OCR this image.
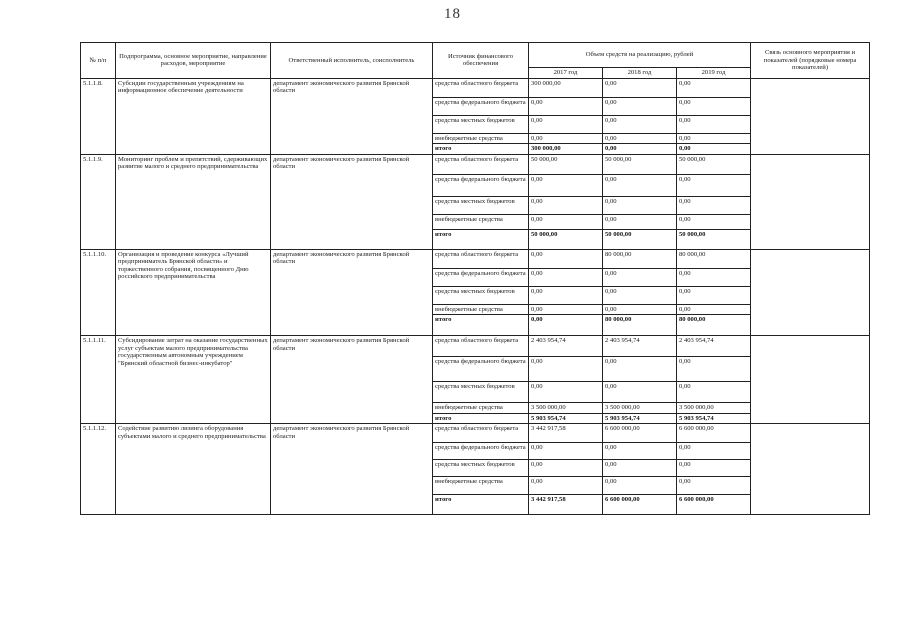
18
№ п/п	Подпрограмма, основное мероприятие, направление расходов, мероприятие	Ответственный исполнитель, соисполнитель	Источник финансового обеспечения	Объем средств на реализацию, рублей			Связь основного мероприятия и показателей (порядковые номера показателей)
				2017 год	2018 год	2019 год	
5.1.1.8.	Субсидии государственным учреждениям на информационное обеспечение деятельности	департамент экономического развития Брянской области	средства областного бюджета	300 000,00	0,00	0,00	
			средства федерального бюджета	0,00	0,00	0,00	
			средства местных бюджетов	0,00	0,00	0,00	
			внебюджетные средства	0,00	0,00	0,00	
			итого	300 000,00	0,00	0,00	
5.1.1.9.	Мониторинг проблем и препятствий, сдерживающих развитие малого и среднего предпринимательства	департамент экономического развития Брянской области	средства областного бюджета	50 000,00	50 000,00	50 000,00	
			средства федерального бюджета	0,00	0,00	0,00	
			средства местных бюджетов	0,00	0,00	0,00	
			внебюджетные средства	0,00	0,00	0,00	
			итого	50 000,00	50 000,00	50 000,00	
5.1.1.10.	Организация и проведение конкурса «Лучший предприниматель Брянской области» и торжественного собрания, посвященного Дню российского предпринимательства	департамент экономического развития Брянской области	средства областного бюджета	0,00	80 000,00	80 000,00	
			средства федерального бюджета	0,00	0,00	0,00	
			средства местных бюджетов	0,00	0,00	0,00	
			внебюджетные средства	0,00	0,00	0,00	
			итого	0,00	80 000,00	80 000,00	
5.1.1.11.	Субсидирование затрат на оказание государственных услуг субъектам малого предпринимательства государственным автономным учреждением "Брянский областной бизнес-инкубатор"	департамент экономического развития Брянской области	средства областного бюджета	2 403 954,74	2 403 954,74	2 403 954,74	
			средства федерального бюджета	0,00	0,00	0,00	
			средства местных бюджетов	0,00	0,00	0,00	
			внебюджетные средства	3 500 000,00	3 500 000,00	3 500 000,00	
			итого	5 903 954,74	5 903 954,74	5 903 954,74	
5.1.1.12.	Содействие развитию лизинга оборудования субъектами малого и среднего предпринимательства	департамент экономического развития Брянской области	средства областного бюджета	3 442 917,58	6 600 000,00	6 600 000,00	
			средства федерального бюджета	0,00	0,00	0,00	
			средства местных бюджетов	0,00	0,00	0,00	
			внебюджетные средства	0,00	0,00	0,00	
			итого	3 442 917,58	6 600 000,00	6 600 000,00	
